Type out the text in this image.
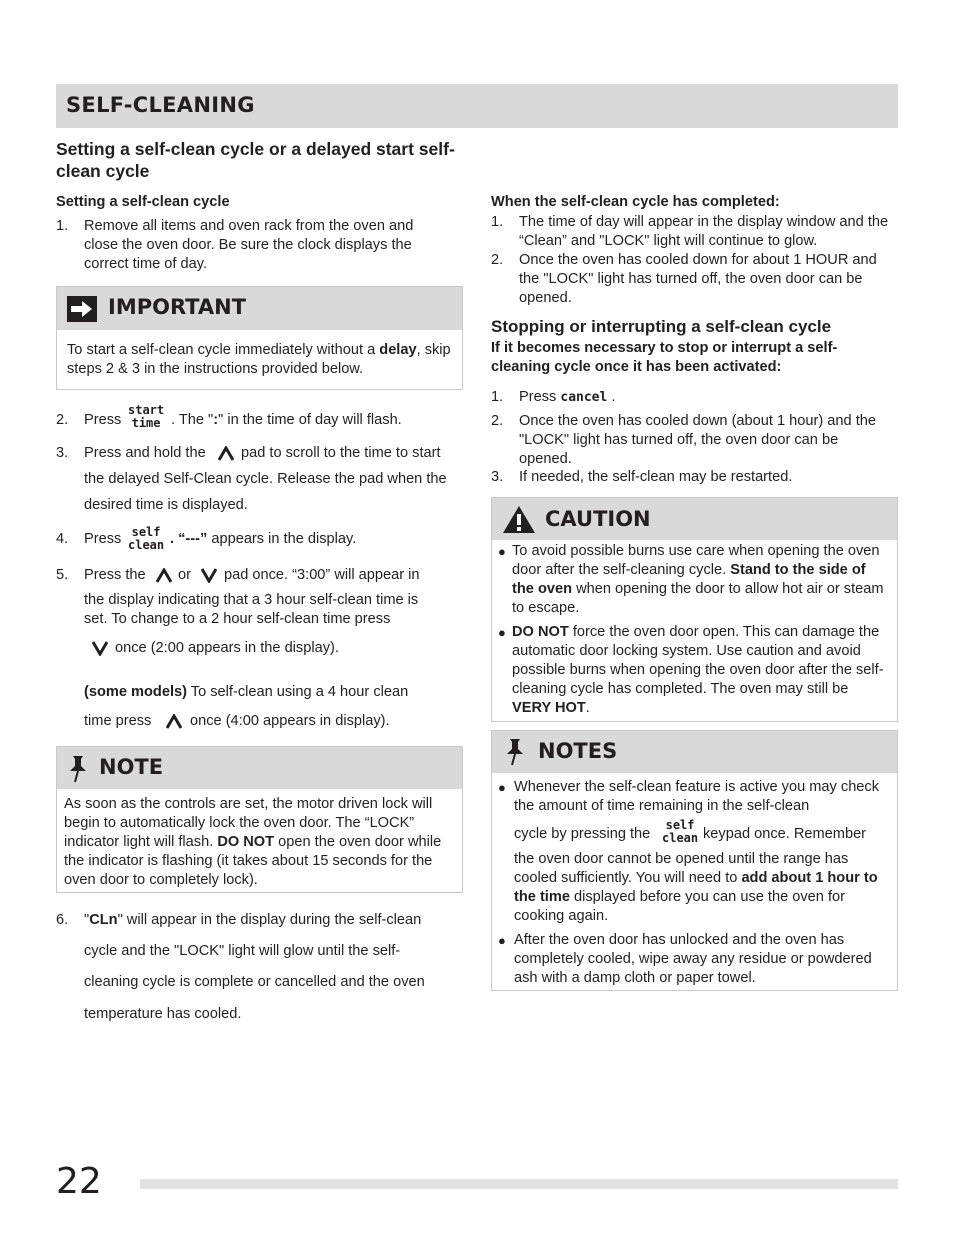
SELF-CLEANING
Setting a self-clean cycle or a delayed start self-clean cycle
Setting a self-clean cycle
1. Remove all items and oven rack from the oven and close the oven door. Be sure the clock displays the correct time of day.
IMPORTANT
To start a self-clean cycle immediately without a delay, skip steps 2 & 3 in the instructions provided below.
2. Press
start
time . The ":" in the time of day will flash.
3. Press and hold the pad to scroll to the time to start
the delayed Self-Clean cycle. Release the pad when the
desired time is displayed.
4. Press self
clean . “---” appears in the display.
5. Press the or pad once. “3:00” will appear in
the display indicating that a 3 hour self-clean time is
set. To change to a 2 hour self-clean time press
once (2:00 appears in the display).
(some models) To self-clean using a 4 hour clean
time press	once (4:00 appears in display).
NOTE
As soon as the controls are set, the motor driven lock will begin to automatically lock the oven door. The “LOCK” indicator light will flash. DO NOT open the oven door while the indicator is flashing (it takes about 15 seconds for the oven door to completely lock).
6. "CLn" will appear in the display during the self-clean
cycle and the "LOCK" light will glow until the self-
cleaning cycle is complete or cancelled and the oven
temperature has cooled.
When the self-clean cycle has completed:
1. The time of day will appear in the display window and the “Clean” and "LOCK" light will continue to glow.
2. Once the oven has cooled down for about 1 HOUR and the "LOCK" light has turned off, the oven door can be opened.
Stopping or interrupting a self-clean cycle
If it becomes necessary to stop or interrupt a self-cleaning cycle once it has been activated:
1. Press cancel .
2. Once the oven has cooled down (about 1 hour) and the "LOCK" light has turned off, the oven door can be opened.
3. If needed, the self-clean may be restarted.
CAUTION
● To avoid possible burns use care when opening the oven door after the self-cleaning cycle. Stand to the side of the oven when opening the door to allow hot air or steam to escape.
● DO NOT force the oven door open. This can damage the automatic door locking system. Use caution and avoid possible burns when opening the oven door after the self-cleaning cycle has completed. The oven may still be VERY HOT.
NOTES
● Whenever the self-clean feature is active you may check the amount of time remaining in the self-clean
cycle by pressing the
self
clean keypad once. Remember
the oven door cannot be opened until the range has cooled sufficiently. You will need to add about 1 hour to the time displayed before you can use the oven for cooking again.
● After the oven door has unlocked and the oven has completely cooled, wipe away any residue or powdered ash with a damp cloth or paper towel.
22
